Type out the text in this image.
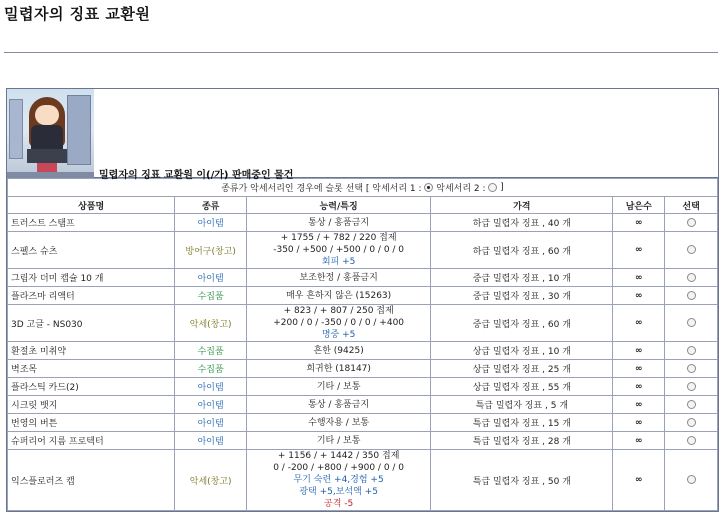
밀렵자의 징표 교환원
밀렵자의 징표 교환원 이(/가) 판매중인 물건
종류가 악세서리인 경우에 슬롯 선택 [ 악세서리 1 : 악세서리 2 : ]					
상품명	종류	능력/특징	가격	남은수	선택
트러스트 스탬프	아이템	통상 / 홍품금지	하급 밀렵자 징표 , 40 개	∞	
스펠스 슈츠	방어구(창고)	+ 1755 / + 782 / 220 접제
-350 / +500 / +500 / 0 / 0 / 0
회피 +5	하급 밀렵자 징표 , 60 개	∞	
그림자 더미 캡슐 10 개	아이템	보조한정 / 홍품금지	중급 밀렵자 징표 , 10 개	∞	
플라즈마 리액터	수집품	매우 흔하지 않은 (15263)	중급 밀렵자 징표 , 30 개	∞	
3D 고글 - NS030	악세(창고)	+ 823 / + 807 / 250 접제
+200 / 0 / -350 / 0 / 0 / +400
명중 +5	중급 밀렵자 징표 , 60 개	∞	
환절초 미취약	수집품	흔한 (9425)	상급 밀렵자 징표 , 10 개	∞	
벽조목	수집품	희귀한 (18147)	상급 밀렵자 징표 , 25 개	∞	
플라스틱 카드(2)	아이템	기타 / 보통	상급 밀렵자 징표 , 55 개	∞	
시크릿 뱃지	아이템	통상 / 홍품금지	특급 밀렵자 징표 , 5 개	∞	
번영의 버튼	아이템	수행자용 / 보통	특급 밀렵자 징표 , 15 개	∞	
슈퍼리어 지름 프로텍터	아이템	기타 / 보통	특급 밀렵자 징표 , 28 개	∞	
익스플로러즈 캡	악세(창고)	+ 1156 / + 1442 / 350 접제
0 / -200 / +800 / +900 / 0 / 0
무기 숙련 +4,경험 +5
광택 +5,보석액 +5
공격 -5	특급 밀렵자 징표 , 50 개	∞	
